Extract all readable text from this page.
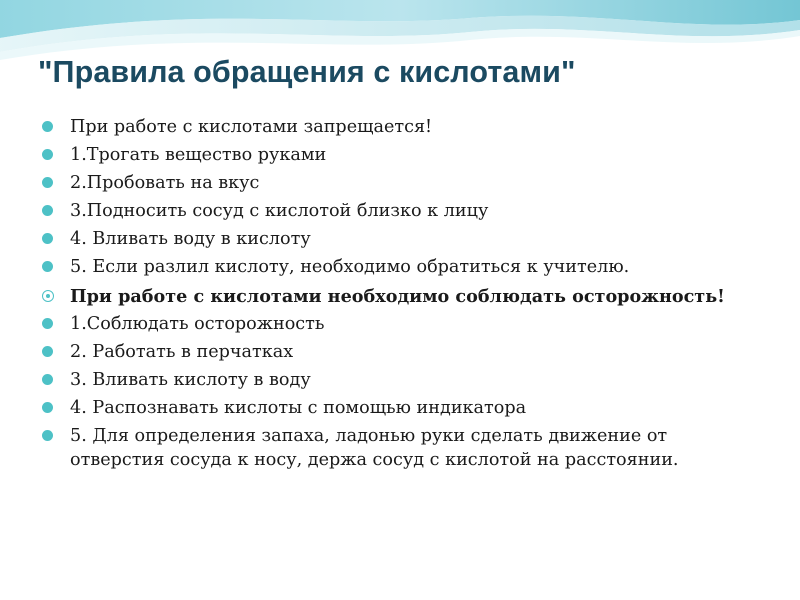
"Правила обращения с кислотами"
При работе с кислотами запрещается!
1.Трогать вещество руками
2.Пробовать на вкус
3.Подносить сосуд с кислотой близко к лицу
4. Вливать воду в кислоту
5. Если разлил кислоту, необходимо обратиться к учителю.
При работе с кислотами необходимо соблюдать осторожность!
1.Соблюдать осторожность
2. Работать в перчатках
3. Вливать кислоту в воду
4. Распознавать кислоты с помощью индикатора
5. Для определения запаха, ладонью руки сделать движение от отверстия сосуда к носу, держа сосуд с кислотой на расстоянии.
